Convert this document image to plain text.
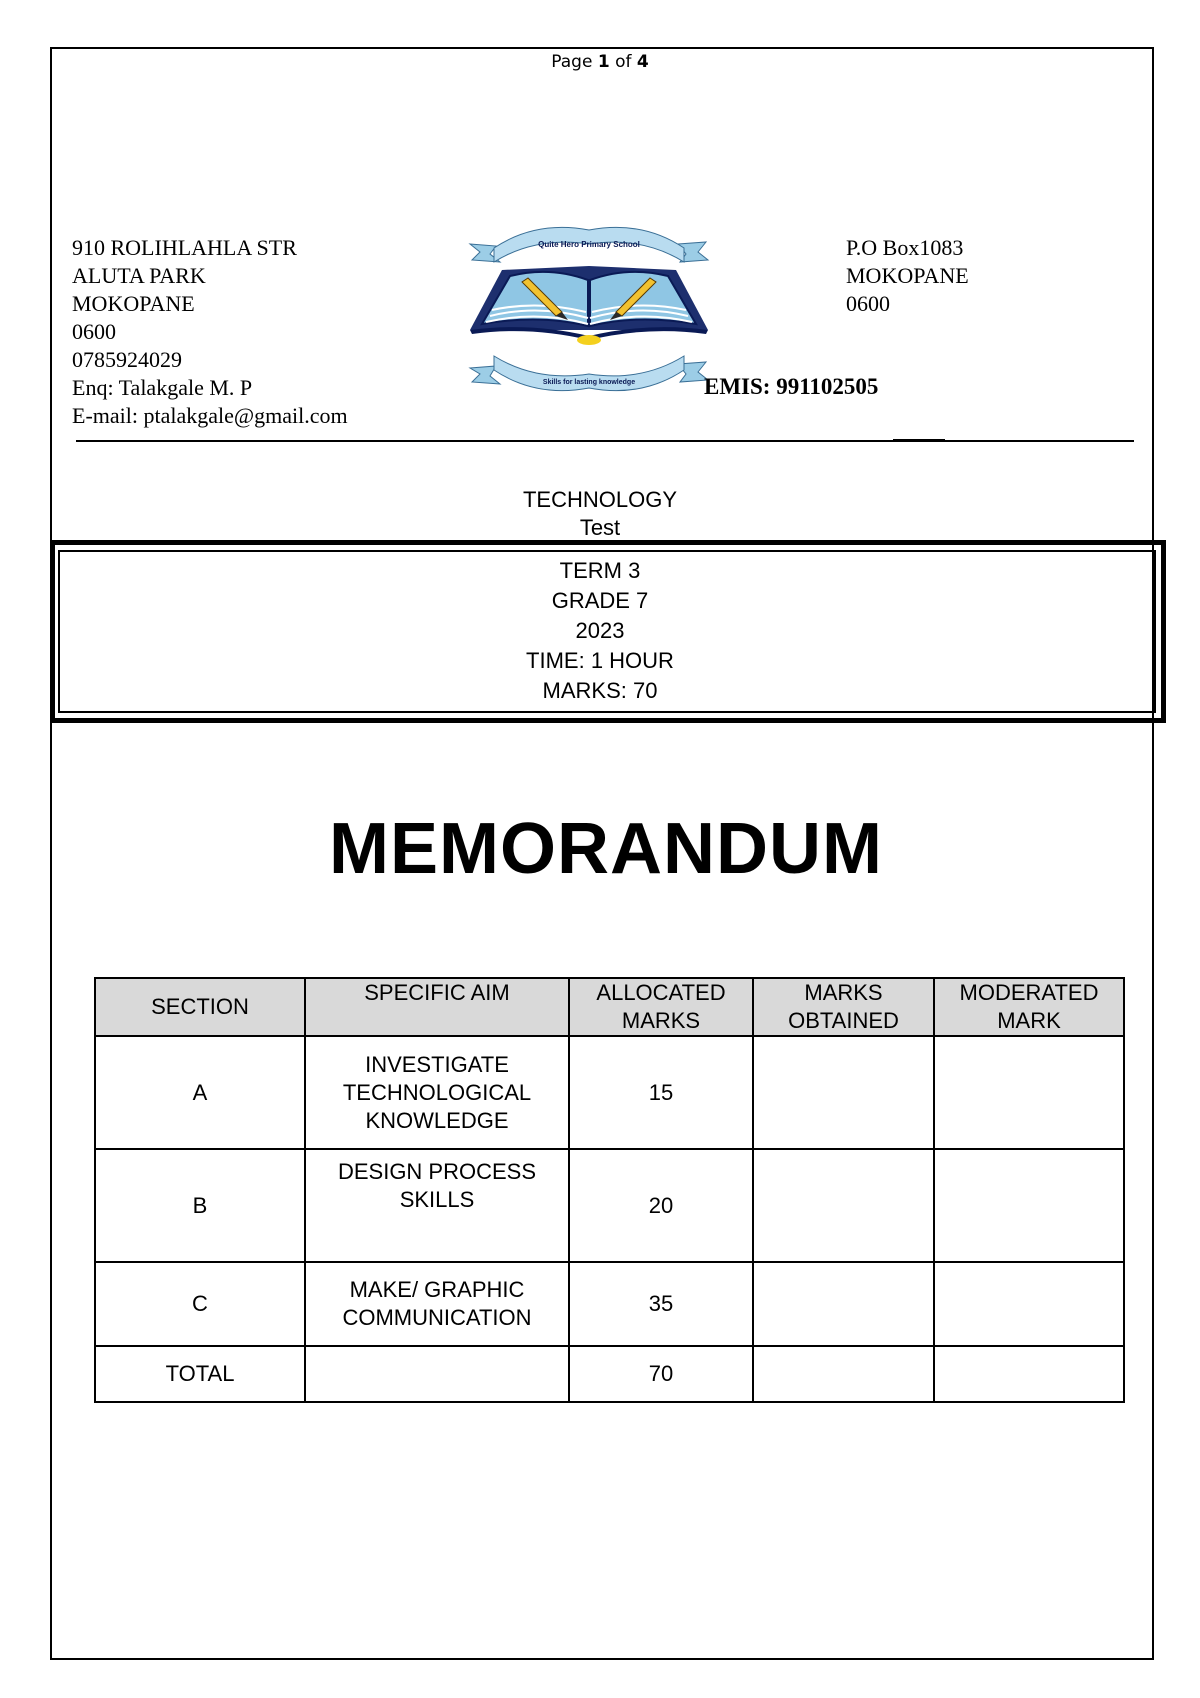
Page 1 of 4
910 ROLIHLAHLA STR
ALUTA PARK
MOKOPANE
0600
0785924029
Enq: Talakgale M. P
E-mail: ptalakgale@gmail.com
Quite Hero Primary School
Skills for lasting knowledge
P.O Box1083
MOKOPANE
0600
EMIS: 991102505
TECHNOLOGY
Test
TERM 3
GRADE 7
2023
TIME: 1 HOUR
MARKS: 70
MEMORANDUM
SECTION	SPECIFIC AIM	ALLOCATED MARKS	MARKS OBTAINED	MODERATED MARK
A	INVESTIGATE TECHNOLOGICAL KNOWLEDGE	15		
B	DESIGN PROCESS SKILLS	20		
C	MAKE/ GRAPHIC COMMUNICATION	35		
TOTAL		70		
